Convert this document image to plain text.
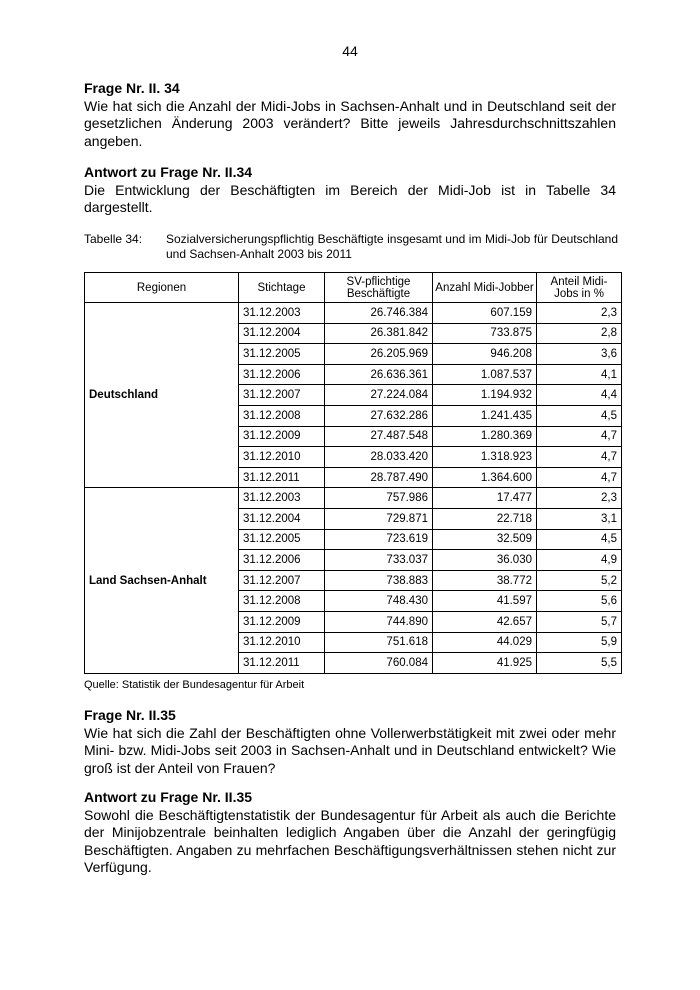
44
Frage Nr. II. 34

Wie hat sich die Anzahl der Midi-Jobs in Sachsen-Anhalt und in Deutschland seit der gesetzlichen Änderung 2003 verändert? Bitte jeweils Jahresdurchschnittszahlen angeben.

Antwort zu Frage Nr. II.34

Die Entwicklung der Beschäftigten im Bereich der Midi-Job ist in Tabelle 34 dargestellt.

Tabelle 34:	Sozialversicherungspflichtig Beschäftigte insgesamt und im Midi-Job für Deutschland und Sachsen-Anhalt 2003 bis 2011
Regionen	Stichtage	SV-pflichtige Beschäftigte	Anzahl Midi-Jobber	Anteil Midi-Jobs in %
Deutschland	31.12.2003	26.746.384	607.159	2,3
	31.12.2004	26.381.842	733.875	2,8
	31.12.2005	26.205.969	946.208	3,6
	31.12.2006	26.636.361	1.087.537	4,1
	31.12.2007	27.224.084	1.194.932	4,4
	31.12.2008	27.632.286	1.241.435	4,5
	31.12.2009	27.487.548	1.280.369	4,7
	31.12.2010	28.033.420	1.318.923	4,7
	31.12.2011	28.787.490	1.364.600	4,7
Land Sachsen-Anhalt	31.12.2003	757.986	17.477	2,3
	31.12.2004	729.871	22.718	3,1
	31.12.2005	723.619	32.509	4,5
	31.12.2006	733.037	36.030	4,9
	31.12.2007	738.883	38.772	5,2
	31.12.2008	748.430	41.597	5,6
	31.12.2009	744.890	42.657	5,7
	31.12.2010	751.618	44.029	5,9
	31.12.2011	760.084	41.925	5,5
Quelle: Statistik der Bundesagentur für Arbeit
Frage Nr. II.35

Wie hat sich die Zahl der Beschäftigten ohne Vollerwerbstätigkeit mit zwei oder mehr Mini- bzw. Midi-Jobs seit 2003 in Sachsen-Anhalt und in Deutschland entwickelt? Wie groß ist der Anteil von Frauen?

Antwort zu Frage Nr. II.35

Sowohl die Beschäftigtenstatistik der Bundesagentur für Arbeit als auch die Berichte der Minijobzentrale beinhalten lediglich Angaben über die Anzahl der geringfügig Beschäftigten. Angaben zu mehrfachen Beschäftigungsverhältnissen stehen nicht zur Verfügung.
